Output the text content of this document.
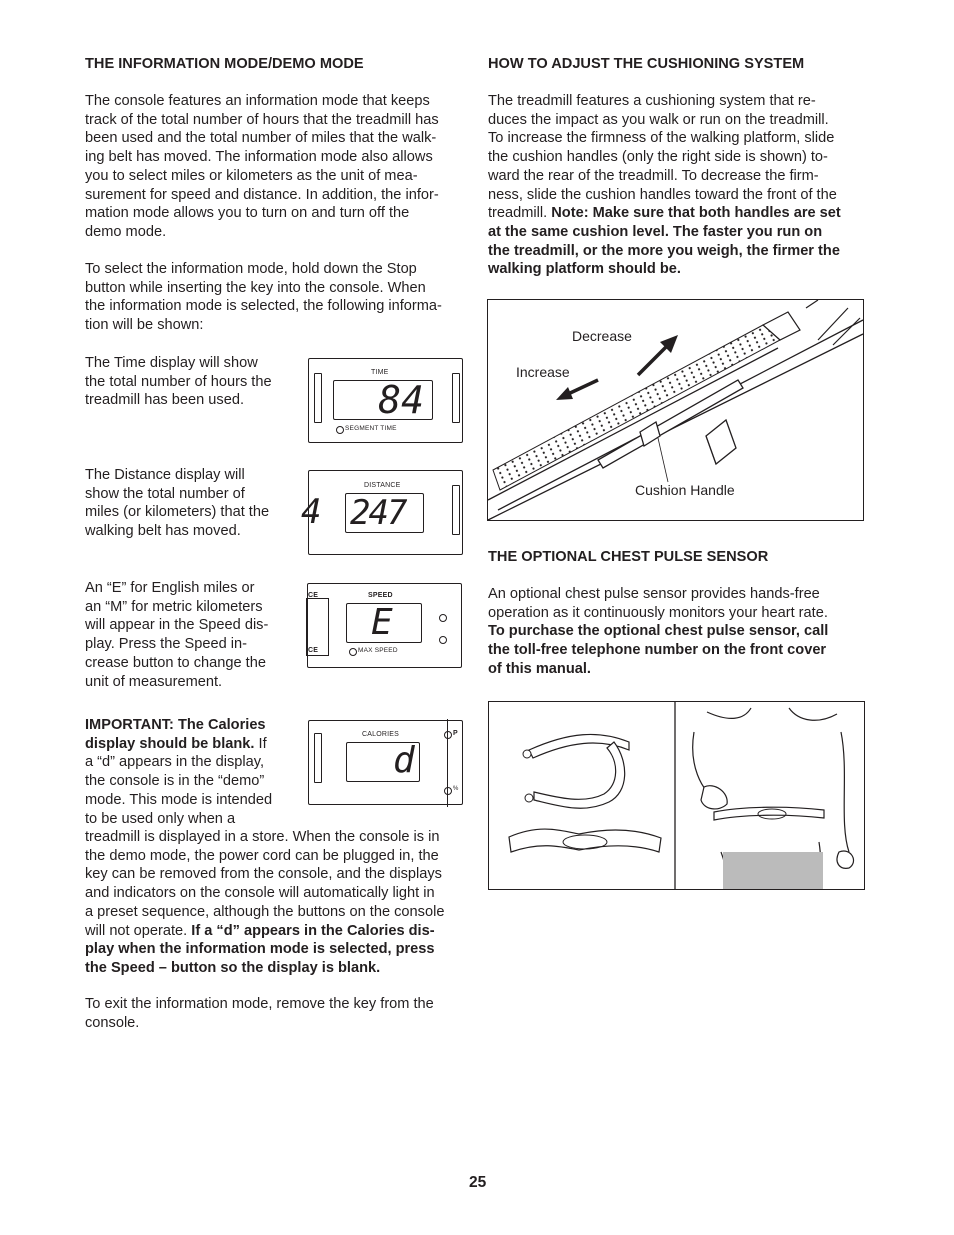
THE INFORMATION MODE/DEMO MODE

The console features an information mode that keeps
track of the total number of hours that the treadmill has
been used and the total number of miles that the walk-
ing belt has moved. The information mode also allows
you to select miles or kilometers as the unit of mea-
surement for speed and distance. In addition, the infor-
mation mode allows you to turn on and turn off the
demo mode.
To select the information mode, hold down the Stop
button while inserting the key into the console. When
the information mode is selected, the following informa-
tion will be shown:
The Time display will show
the total number of hours the
treadmill has been used.
The Distance display will
show the total number of
miles (or kilometers) that the
walking belt has moved.
An “E” for English miles or
an “M” for metric kilometers
will appear in the Speed dis-
play. Press the Speed in-
crease button to change the
unit of measurement.
IMPORTANT: The Calories
display should be blank. If
a “d” appears in the display,
the console is in the “demo”
mode. This mode is intended
to be used only when a
treadmill is displayed in a store. When the console is in
the demo mode, the power cord can be plugged in, the
key can be removed from the console, and the displays
and indicators on the console will automatically light in
a preset sequence, although the buttons on the console
will not operate. If a “d” appears in the Calories dis-
play when the information mode is selected, press
the Speed – button so the display is blank.
To exit the information mode, remove the key from the
console.
TIME
84
SEGMENT TIME
4
DISTANCE
247
CE
CE
SPEED
E
MAX SPEED
CALORIES
d
P
%

HOW TO ADJUST THE CUSHIONING SYSTEM

The treadmill features a cushioning system that re-
duces the impact as you walk or run on the treadmill.
To increase the firmness of the walking platform, slide
the cushion handles (only the right side is shown) to-
ward the rear of the treadmill. To decrease the firm-
ness, slide the cushion handles toward the front of the
treadmill. Note: Make sure that both handles are set
at the same cushion level. The faster you run on
the treadmill, or the more you weigh, the firmer the
walking platform should be.
Decrease
Increase
Cushion Handle

THE OPTIONAL CHEST PULSE SENSOR

An optional chest pulse sensor provides hands-free
operation as it continuously monitors your heart rate.
To purchase the optional chest pulse sensor, call
the toll-free telephone number on the front cover
of this manual.
25
